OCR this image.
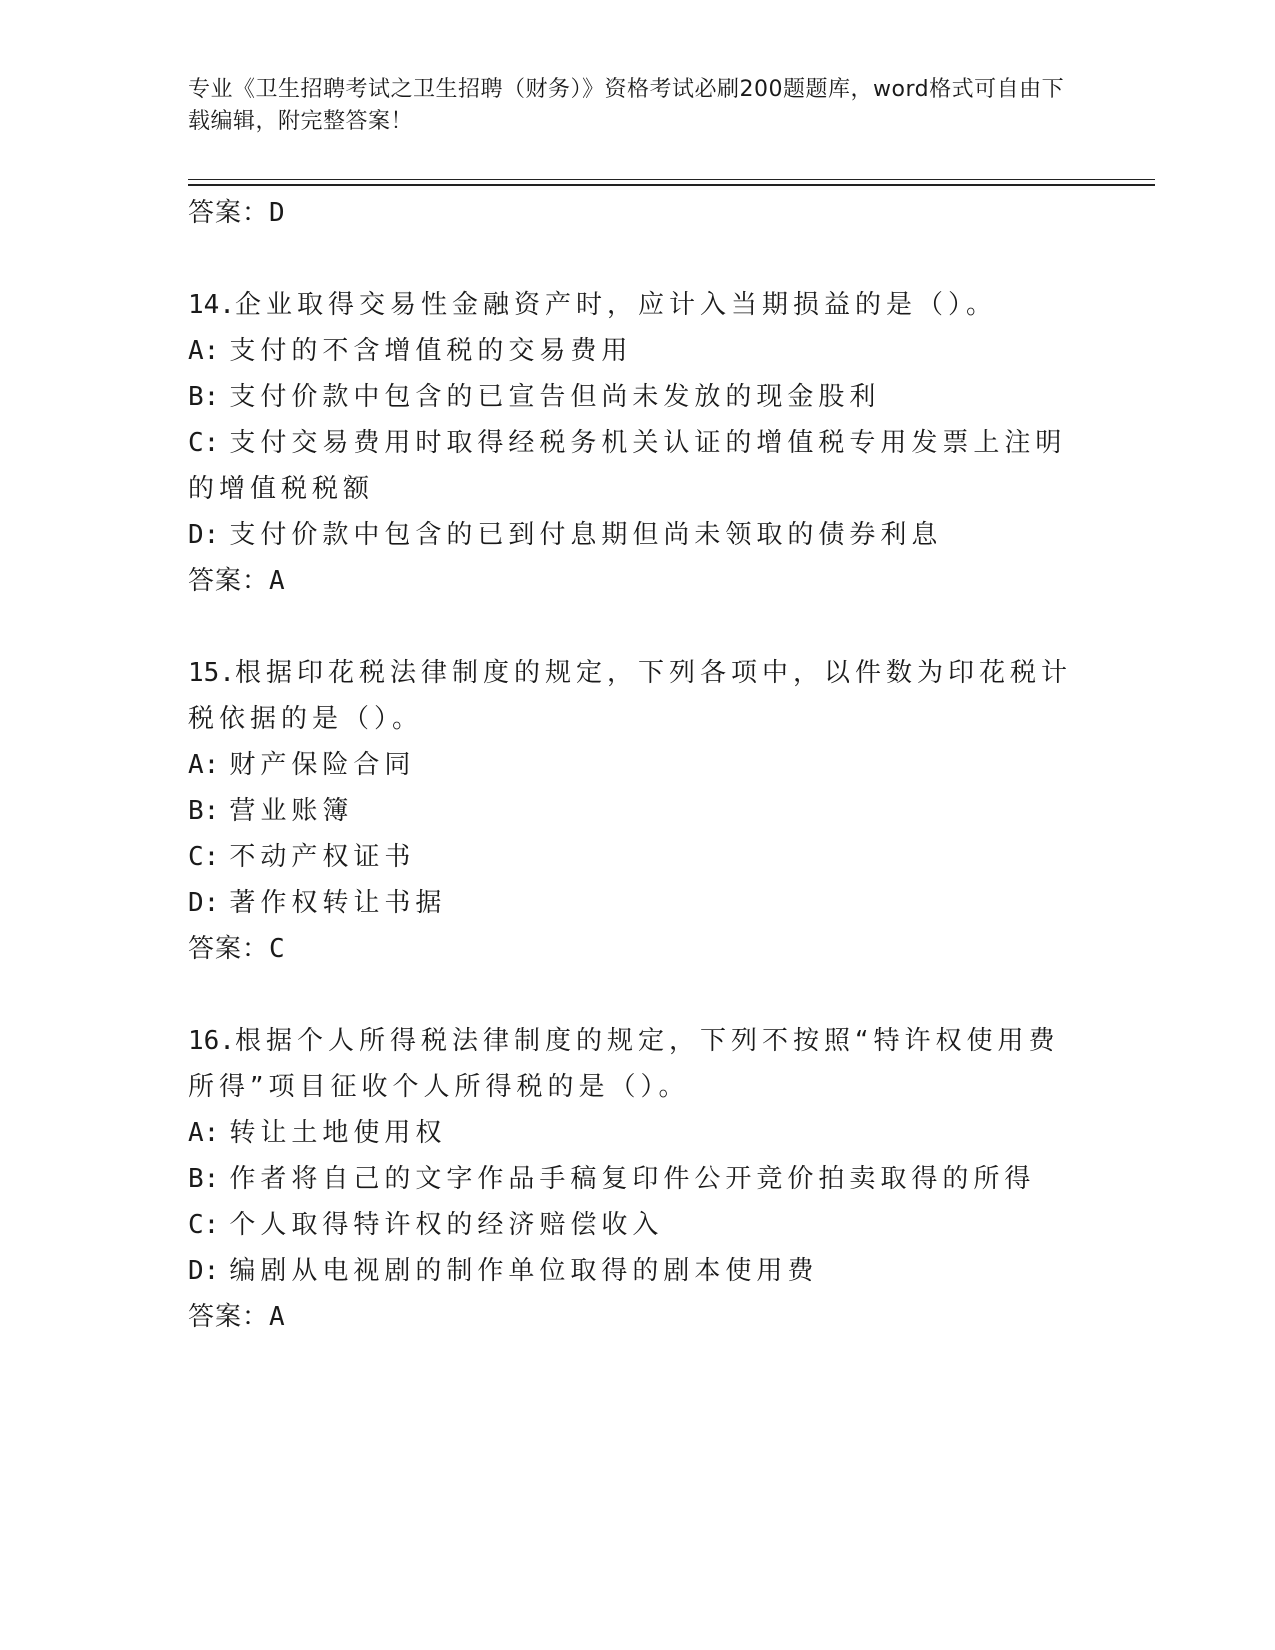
专业《卫生招聘考试之卫生招聘（财务）》资格考试必刷200题题库，word格式可自由下载编辑，附完整答案！

答案：D

14.企业取得交易性金融资产时，应计入当期损益的是（）。

A: 支付的不含增值税的交易费用

B: 支付价款中包含的已宣告但尚未发放的现金股利

C: 支付交易费用时取得经税务机关认证的增值税专用发票上注明的增值税税额

D: 支付价款中包含的已到付息期但尚未领取的债券利息

答案：A

15.根据印花税法律制度的规定，下列各项中，以件数为印花税计税依据的是（）。

A: 财产保险合同

B: 营业账簿

C: 不动产权证书

D: 著作权转让书据

答案：C

16.根据个人所得税法律制度的规定，下列不按照“特许权使用费所得”项目征收个人所得税的是（）。

A: 转让土地使用权

B: 作者将自己的文字作品手稿复印件公开竞价拍卖取得的所得

C: 个人取得特许权的经济赔偿收入

D: 编剧从电视剧的制作单位取得的剧本使用费

答案：A
